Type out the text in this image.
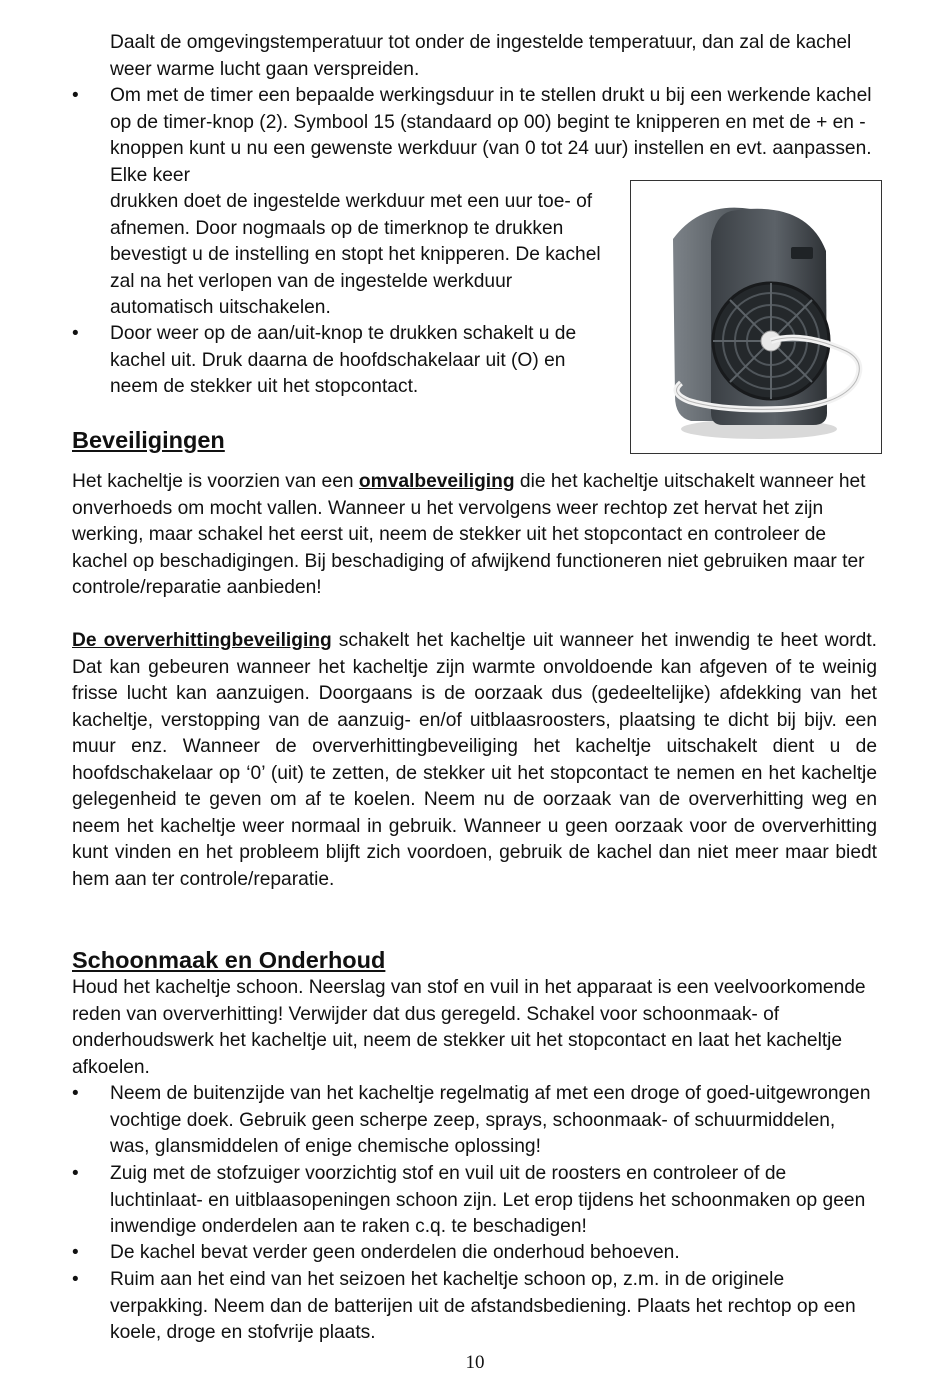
Daalt de omgevingstemperatuur tot onder de ingestelde temperatuur, dan zal de kachel weer warme lucht gaan verspreiden.

• Om met de timer een bepaalde werkingsduur in te stellen drukt u bij een werkende kachel op de timer-knop (2). Symbool 15 (standaard op 00) begint te knipperen en met de + en - knoppen kunt u nu een gewenste werkduur (van 0 tot 24 uur) instellen en evt. aanpassen. Elke keer

drukken doet de ingestelde werkduur met een uur toe- of afnemen. Door nogmaals op de timerknop te drukken bevestigt u de instelling en stopt het knipperen. De kachel zal na het verlopen van de ingestelde werkduur automatisch uitschakelen.

• Door weer op de aan/uit-knop te drukken schakelt u de kachel uit. Druk daarna de hoofdschakelaar uit (O) en neem de stekker uit het stopcontact.

Beveiligingen

Het kacheltje is voorzien van een omvalbeveiliging die het kacheltje uitschakelt wanneer het onverhoeds om mocht vallen. Wanneer u het vervolgens weer rechtop zet hervat het zijn werking, maar schakel het eerst uit, neem de stekker uit het stopcontact en controleer de kachel op beschadigingen. Bij beschadiging of afwijkend functioneren niet gebruiken maar ter controle/reparatie aanbieden!

De oververhittingbeveiliging schakelt het kacheltje uit wanneer het inwendig te heet wordt. Dat kan gebeuren wanneer het kacheltje zijn warmte onvoldoende kan afgeven of te weinig frisse lucht kan aanzuigen. Doorgaans is de oorzaak dus (gedeeltelijke) afdekking van het kacheltje, verstopping van de aanzuig- en/of uitblaasroosters, plaatsing te dicht bij bijv. een muur enz. Wanneer de oververhittingbeveiliging het kacheltje uitschakelt dient u de hoofdschakelaar op ‘0’ (uit) te zetten, de stekker uit het stopcontact te nemen en het kacheltje gelegenheid te geven om af te koelen. Neem nu de oorzaak van de oververhitting weg en neem het kacheltje weer normaal in gebruik. Wanneer u geen oorzaak voor de oververhitting kunt vinden en het probleem blijft zich voordoen, gebruik de kachel dan niet meer maar biedt hem aan ter controle/reparatie.

Schoonmaak en Onderhoud

Houd het kacheltje schoon. Neerslag van stof en vuil in het apparaat is een veelvoorkomende reden van oververhitting! Verwijder dat dus geregeld. Schakel voor schoonmaak- of onderhoudswerk het kacheltje uit, neem de stekker uit het stopcontact en laat het kacheltje afkoelen.

• Neem de buitenzijde van het kacheltje regelmatig af met een droge of goed-uitgewrongen vochtige doek. Gebruik geen scherpe zeep, sprays, schoonmaak- of schuurmiddelen, was, glansmiddelen of enige chemische oplossing!

• Zuig met de stofzuiger voorzichtig stof en vuil uit de roosters en controleer of de luchtinlaat- en uitblaasopeningen schoon zijn. Let erop tijdens het schoonmaken op geen inwendige onderdelen aan te raken c.q. te beschadigen!

• De kachel bevat verder geen onderdelen die onderhoud behoeven.

• Ruim aan het eind van het seizoen het kacheltje schoon op, z.m. in de originele verpakking. Neem dan de batterijen uit de afstandsbediening. Plaats het rechtop op een koele, droge en stofvrije plaats.

10
